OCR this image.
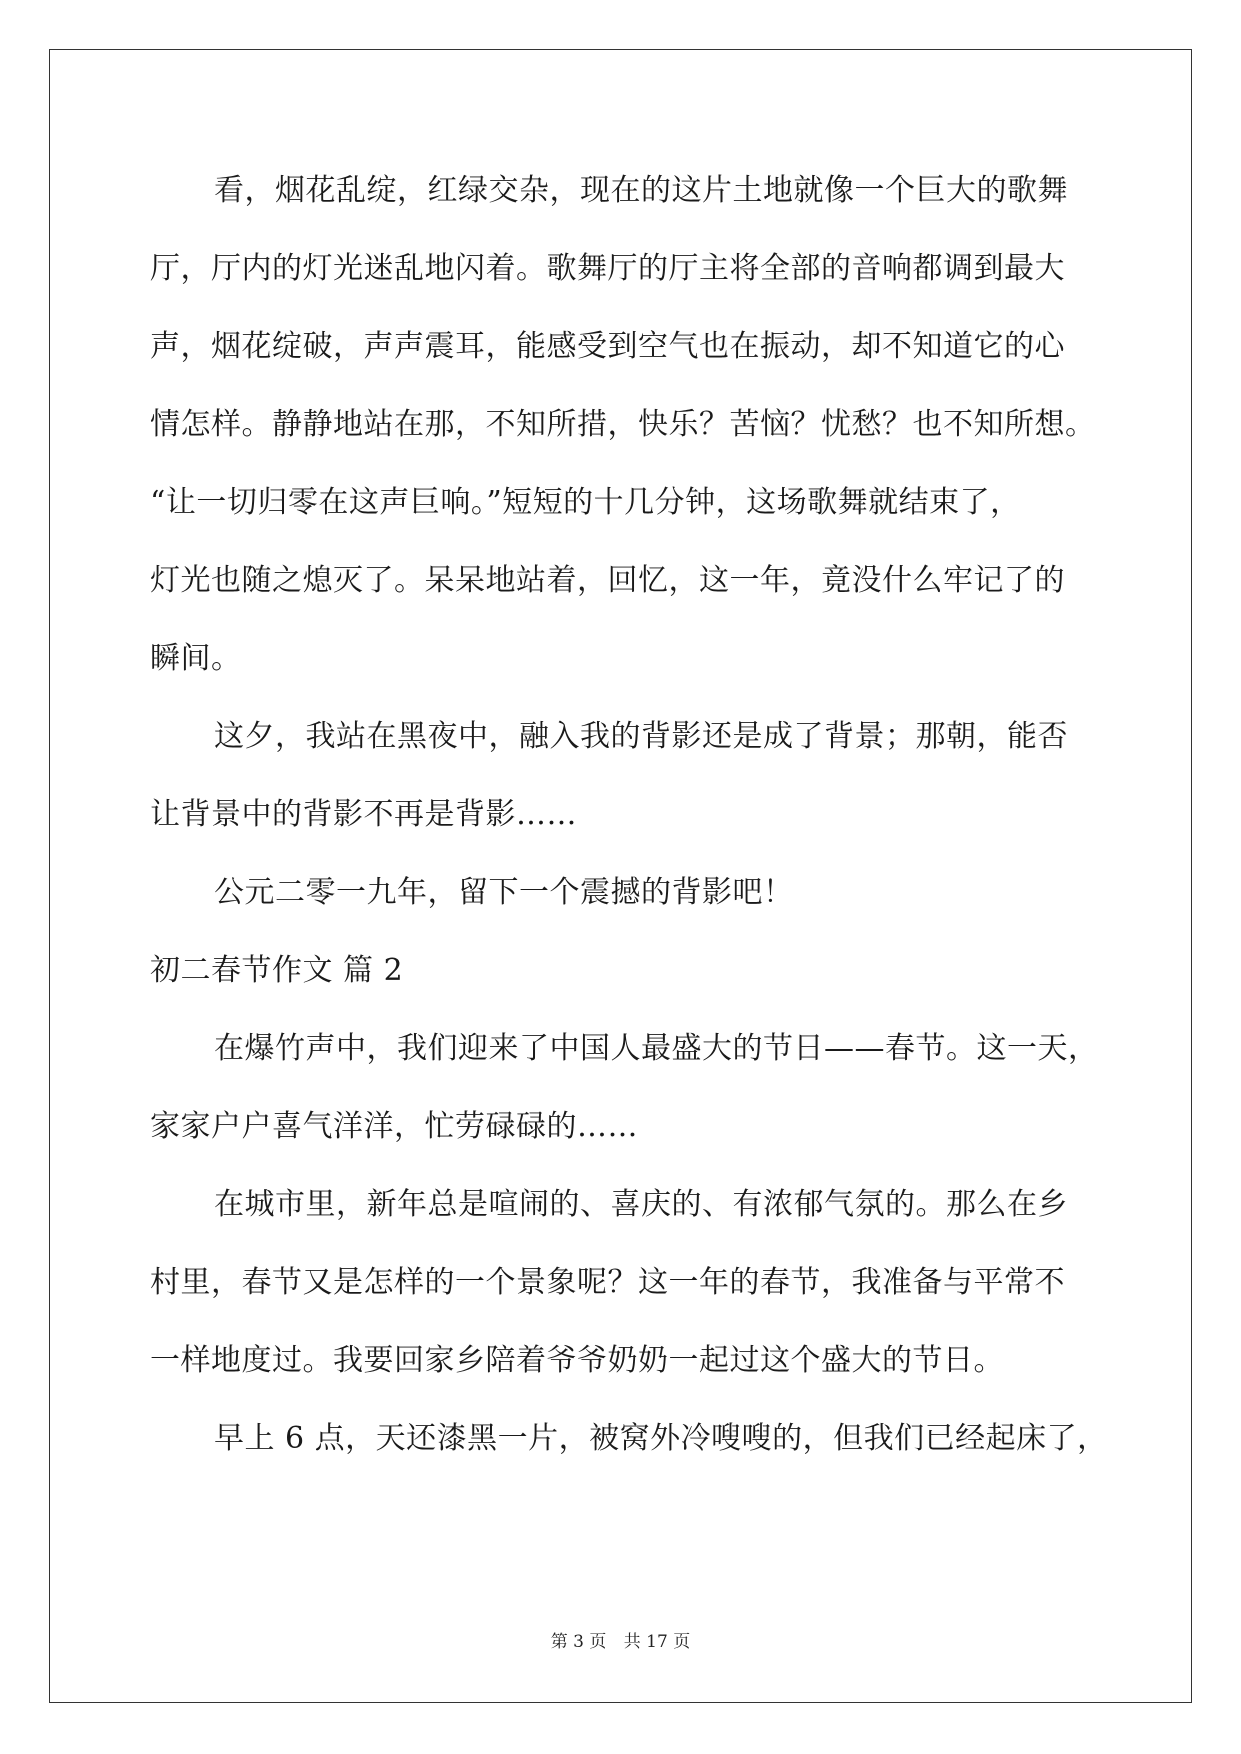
看，烟花乱绽，红绿交杂，现在的这片土地就像一个巨大的歌舞
厅，厅内的灯光迷乱地闪着。歌舞厅的厅主将全部的音响都调到最大
声，烟花绽破，声声震耳，能感受到空气也在振动，却不知道它的心
情怎样。静静地站在那，不知所措，快乐？苦恼？忧愁？也不知所想。
“让一切归零在这声巨响。”短短的十几分钟，这场歌舞就结束了，
灯光也随之熄灭了。呆呆地站着，回忆，这一年，竟没什么牢记了的
瞬间。
这夕，我站在黑夜中，融入我的背影还是成了背景；那朝，能否
让背景中的背影不再是背影……
公元二零一九年，留下一个震撼的背影吧！
初二春节作文 篇 2
在爆竹声中，我们迎来了中国人最盛大的节日——春节。这一天，
家家户户喜气洋洋，忙劳碌碌的……
在城市里，新年总是喧闹的、喜庆的、有浓郁气氛的。那么在乡
村里，春节又是怎样的一个景象呢？这一年的春节，我准备与平常不
一样地度过。我要回家乡陪着爷爷奶奶一起过这个盛大的节日。
早上 6 点，天还漆黑一片，被窝外冷嗖嗖的，但我们已经起床了，
第 3 页 共 17 页
